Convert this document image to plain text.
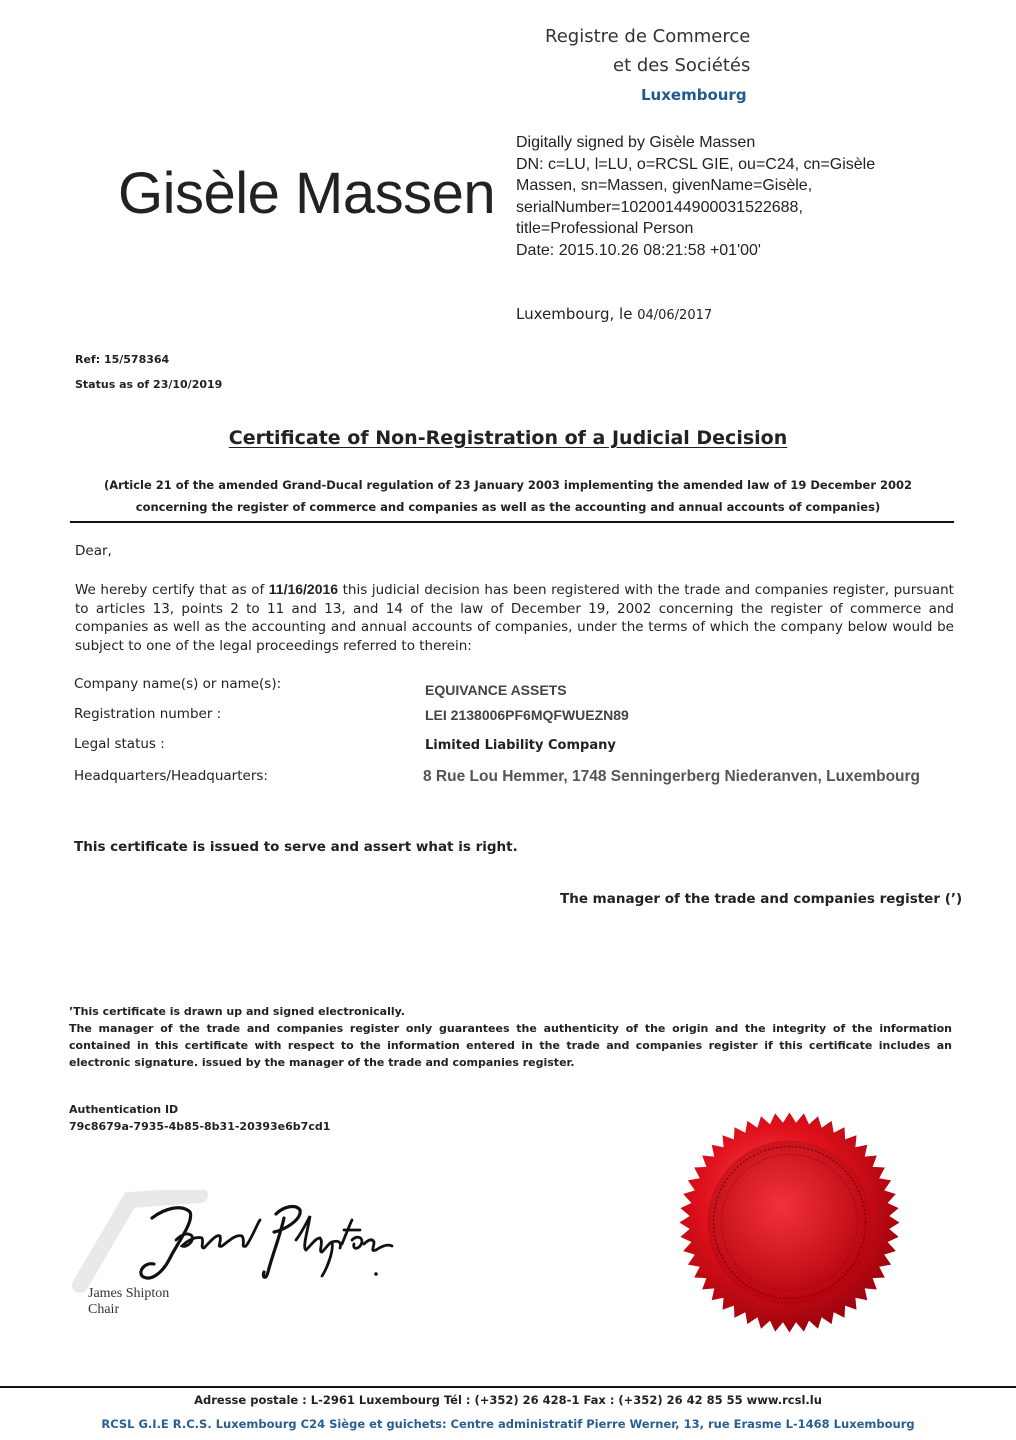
Registre de Commerce
et des Sociétés
Luxembourg
Gisèle Massen
Digitally signed by Gisèle Massen
DN: c=LU, l=LU, o=RCSL GIE, ou=C24, cn=Gisèle
Massen, sn=Massen, givenName=Gisèle,
serialNumber=10200144900031522688,
title=Professional Person
Date: 2015.10.26 08:21:58 +01'00'
Luxembourg, le 04/06/2017
Ref: 15/578364
Status as of 23/10/2019
Certificate of Non-Registration of a Judicial Decision
(Article 21 of the amended Grand-Ducal regulation of 23 January 2003 implementing the amended law of 19 December 2002
concerning the register of commerce and companies as well as the accounting and annual accounts of companies)
Dear,
We hereby certify that as of 11/16/2016 this judicial decision has been registered with the trade and companies register, pursuant to articles 13, points 2 to 11 and 13, and 14 of the law of December 19, 2002 concerning the register of commerce and companies as well as the accounting and annual accounts of companies, under the terms of which the company below would be subject to one of the legal proceedings referred to therein:
Company name(s) or name(s):	EQUIVANCE ASSETS
Registration number :	LEI 2138006PF6MQFWUEZN89
Legal status :	Limited Liability Company
Headquarters/Headquarters:	8 Rue Lou Hemmer, 1748 Senningerberg Niederanven, Luxembourg
This certificate is issued to serve and assert what is right.
The manager of the trade and companies register (’)
’This certificate is drawn up and signed electronically.
The manager of the trade and companies register only guarantees the authenticity of the origin and the integrity of the information contained in this certificate with respect to the information entered in the trade and companies register if this certificate includes an electronic signature. issued by the manager of the trade and companies register.
Authentication ID
79c8679a-7935-4b85-8b31-20393e6b7cd1
James Shipton
Chair
Adresse postale : L-2961 Luxembourg Tél : (+352) 26 428-1 Fax : (+352) 26 42 85 55 www.rcsl.lu
RCSL G.I.E R.C.S. Luxembourg C24 Siège et guichets: Centre administratif Pierre Werner, 13, rue Erasme L-1468 Luxembourg
